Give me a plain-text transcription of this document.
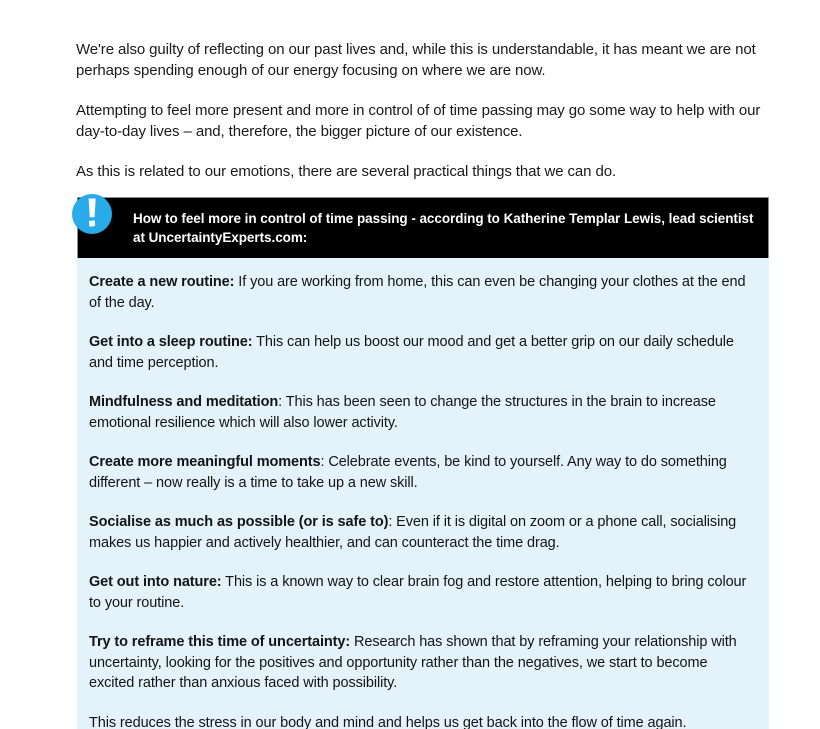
We're also guilty of reflecting on our past lives and, while this is understandable, it has meant we are not perhaps spending enough of our energy focusing on where we are now.

Attempting to feel more present and more in control of of time passing may go some way to help with our day-to-day lives – and, therefore, the bigger picture of our existence.

As this is related to our emotions, there are several practical things that we can do.

How to feel more in control of time passing - according to Katherine Templar Lewis, lead scientist at UncertaintyExperts.com:

Create a new routine: If you are working from home, this can even be changing your clothes at the end of the day.

Get into a sleep routine: This can help us boost our mood and get a better grip on our daily schedule and time perception.

Mindfulness and meditation: This has been seen to change the structures in the brain to increase emotional resilience which will also lower activity.

Create more meaningful moments: Celebrate events, be kind to yourself. Any way to do something different – now really is a time to take up a new skill.

Socialise as much as possible (or is safe to): Even if it is digital on zoom or a phone call, socialising makes us happier and actively healthier, and can counteract the time drag.

Get out into nature: This is a known way to clear brain fog and restore attention, helping to bring colour to your routine.

Try to reframe this time of uncertainty: Research has shown that by reframing your relationship with uncertainty, looking for the positives and opportunity rather than the negatives, we start to become excited rather than anxious faced with possibility.

This reduces the stress in our body and mind and helps us get back into the flow of time again.
